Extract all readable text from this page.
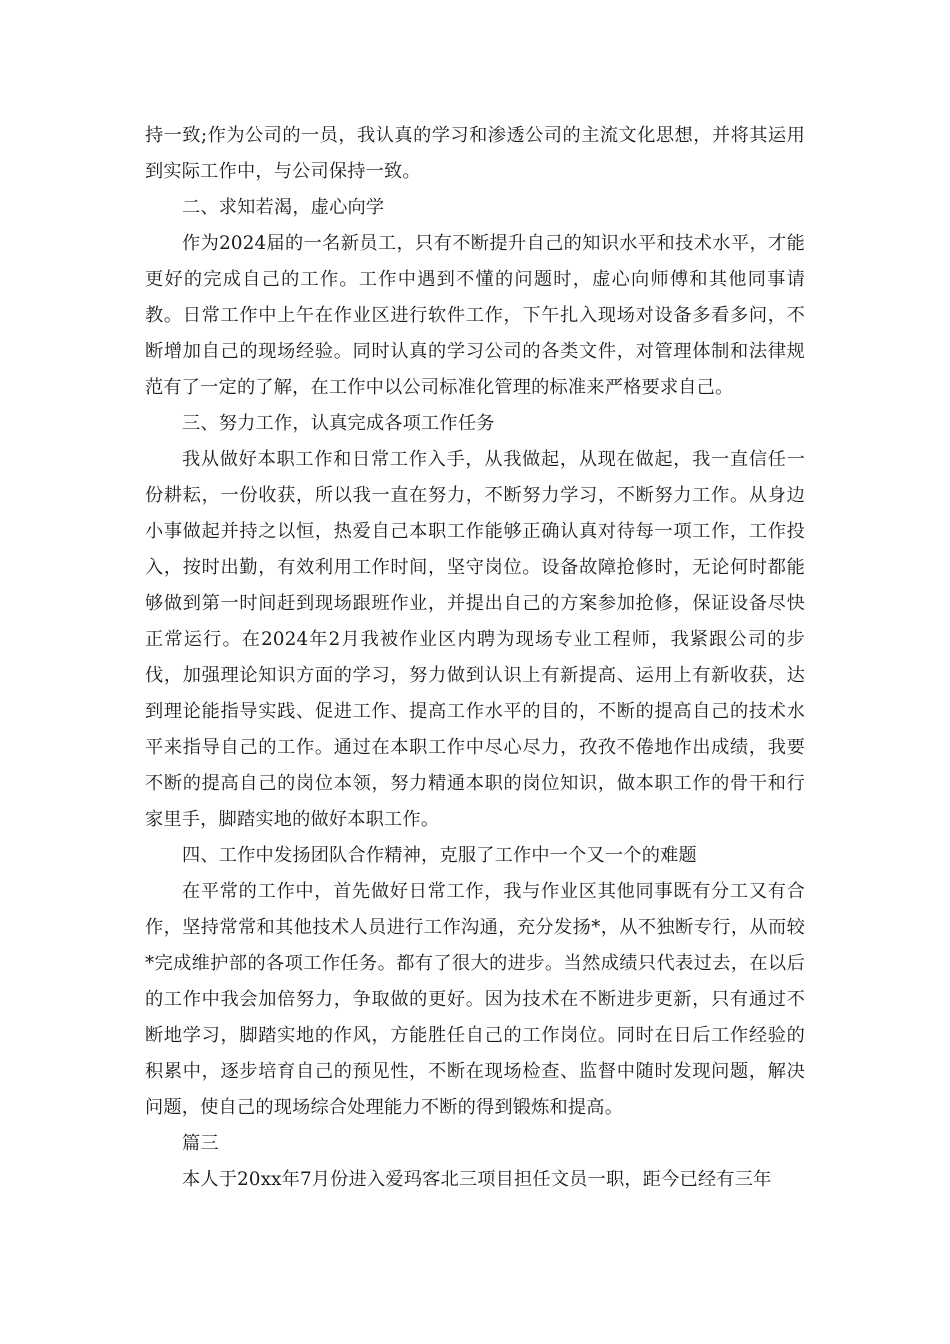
持一致;作为公司的一员，我认真的学习和渗透公司的主流文化思想，并将其运用到实际工作中，与公司保持一致。

二、求知若渴，虚心向学

作为2024届的一名新员工，只有不断提升自己的知识水平和技术水平，才能更好的完成自己的工作。工作中遇到不懂的问题时，虚心向师傅和其他同事请教。日常工作中上午在作业区进行软件工作，下午扎入现场对设备多看多问，不断增加自己的现场经验。同时认真的学习公司的各类文件，对管理体制和法律规范有了一定的了解，在工作中以公司标准化管理的标准来严格要求自己。

三、努力工作，认真完成各项工作任务

我从做好本职工作和日常工作入手，从我做起，从现在做起，我一直信任一份耕耘，一份收获，所以我一直在努力，不断努力学习，不断努力工作。从身边小事做起并持之以恒，热爱自己本职工作能够正确认真对待每一项工作，工作投入，按时出勤，有效利用工作时间，坚守岗位。设备故障抢修时，无论何时都能够做到第一时间赶到现场跟班作业，并提出自己的方案参加抢修，保证设备尽快正常运行。在2024年2月我被作业区内聘为现场专业工程师，我紧跟公司的步伐，加强理论知识方面的学习，努力做到认识上有新提高、运用上有新收获，达到理论能指导实践、促进工作、提高工作水平的目的，不断的提高自己的技术水平来指导自己的工作。通过在本职工作中尽心尽力，孜孜不倦地作出成绩，我要不断的提高自己的岗位本领，努力精通本职的岗位知识，做本职工作的骨干和行家里手，脚踏实地的做好本职工作。

四、工作中发扬团队合作精神，克服了工作中一个又一个的难题

在平常的工作中，首先做好日常工作，我与作业区其他同事既有分工又有合作，坚持常常和其他技术人员进行工作沟通，充分发扬*，从不独断专行，从而较*完成维护部的各项工作任务。都有了很大的进步。当然成绩只代表过去，在以后的工作中我会加倍努力，争取做的更好。因为技术在不断进步更新，只有通过不断地学习，脚踏实地的作风，方能胜任自己的工作岗位。同时在日后工作经验的积累中，逐步培育自己的预见性，不断在现场检查、监督中随时发现问题，解决问题，使自己的现场综合处理能力不断的得到锻炼和提高。

篇三

本人于20xx年7月份进入爱玛客北三项目担任文员一职，距今已经有三年
